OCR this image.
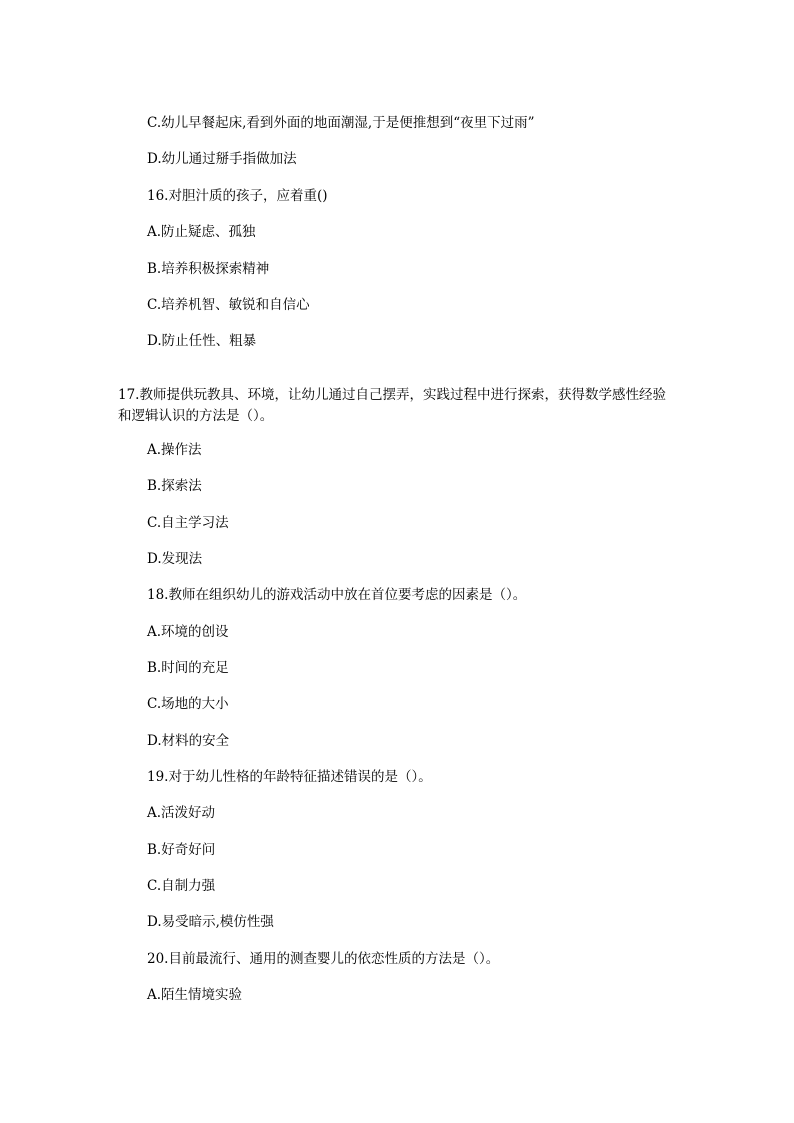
C.幼儿早餐起床,看到外面的地面潮湿,于是便推想到“夜里下过雨”
D.幼儿通过掰手指做加法
16.对胆汁质的孩子，应着重()
A.防止疑虑、孤独
B.培养积极探索精神
C.培养机智、敏锐和自信心
D.防止任性、粗暴
17.教师提供玩教具、环境，让幼儿通过自己摆弄，实践过程中进行探索，获得数学感性经验和逻辑认识的方法是（）。
A.操作法
B.探索法
C.自主学习法
D.发现法
18.教师在组织幼儿的游戏活动中放在首位要考虑的因素是（）。
A.环境的创设
B.时间的充足
C.场地的大小
D.材料的安全
19.对于幼儿性格的年龄特征描述错误的是（）。
A.活泼好动
B.好奇好问
C.自制力强
D.易受暗示,模仿性强
20.目前最流行、通用的测查婴儿的依恋性质的方法是（）。
A.陌生情境实验
